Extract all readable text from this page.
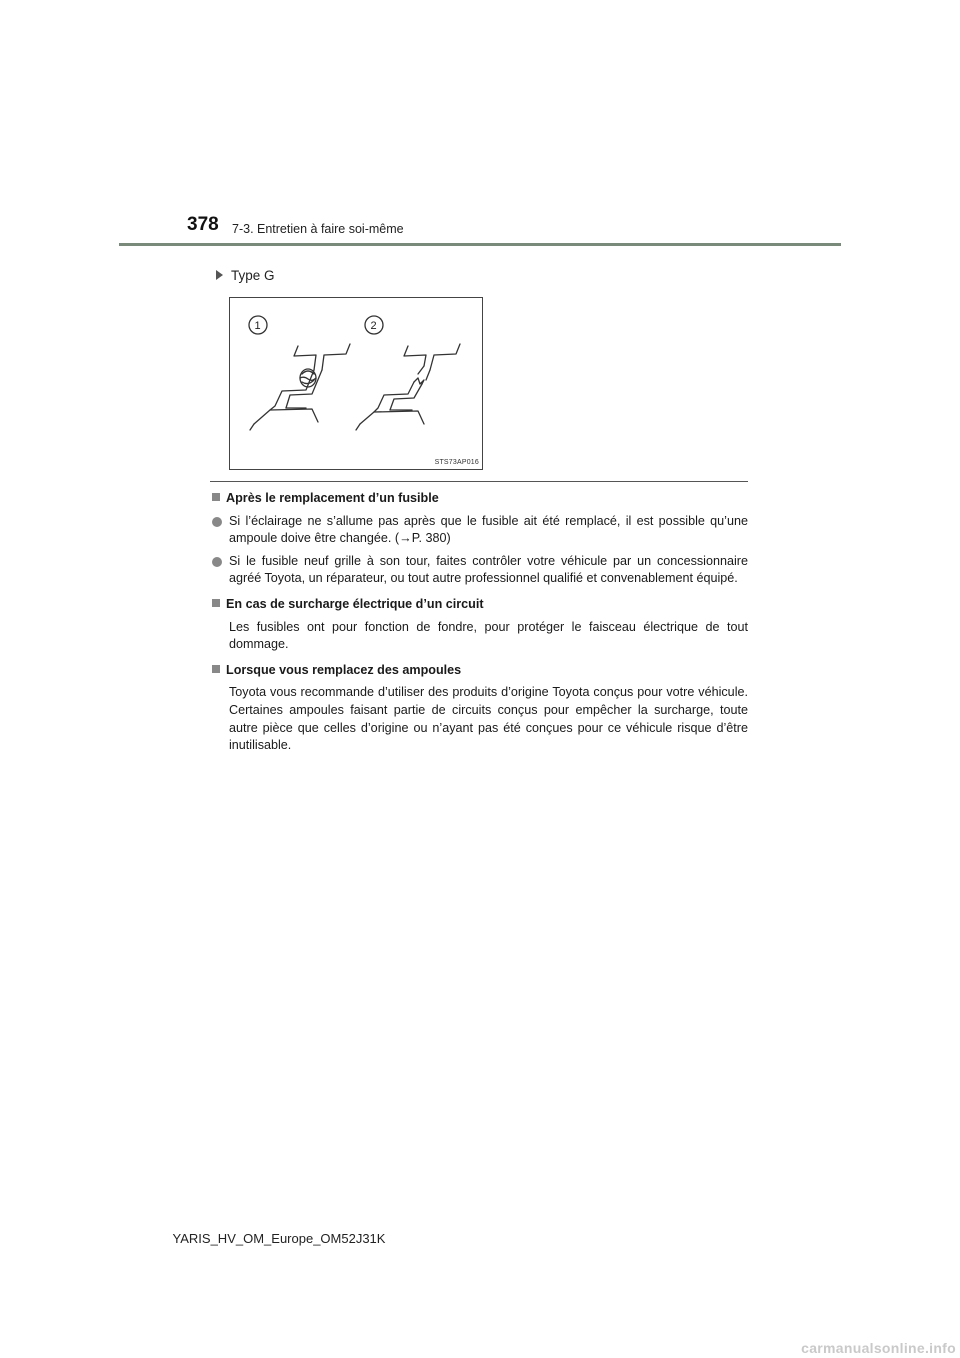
378 7-3. Entretien à faire soi-même
Type G
1	2
STS73AP016
Après le remplacement d’un fusible
Si l’éclairage ne s’allume pas après que le fusible ait été remplacé, il est possible qu’une ampoule doive être changée. (→P. 380)
Si le fusible neuf grille à son tour, faites contrôler votre véhicule par un concessionnaire agréé Toyota, un réparateur, ou tout autre professionnel qualifié et convenablement équipé.
En cas de surcharge électrique d’un circuit
Les fusibles ont pour fonction de fondre, pour protéger le faisceau électrique de tout dommage.
Lorsque vous remplacez des ampoules
Toyota vous recommande d’utiliser des produits d’origine Toyota conçus pour votre véhicule. Certaines ampoules faisant partie de circuits conçus pour empêcher la surcharge, toute autre pièce que celles d’origine ou n’ayant pas été conçues pour ce véhicule risque d’être inutilisable.
YARIS_HV_OM_Europe_OM52J31K
carmanualsonline.info
